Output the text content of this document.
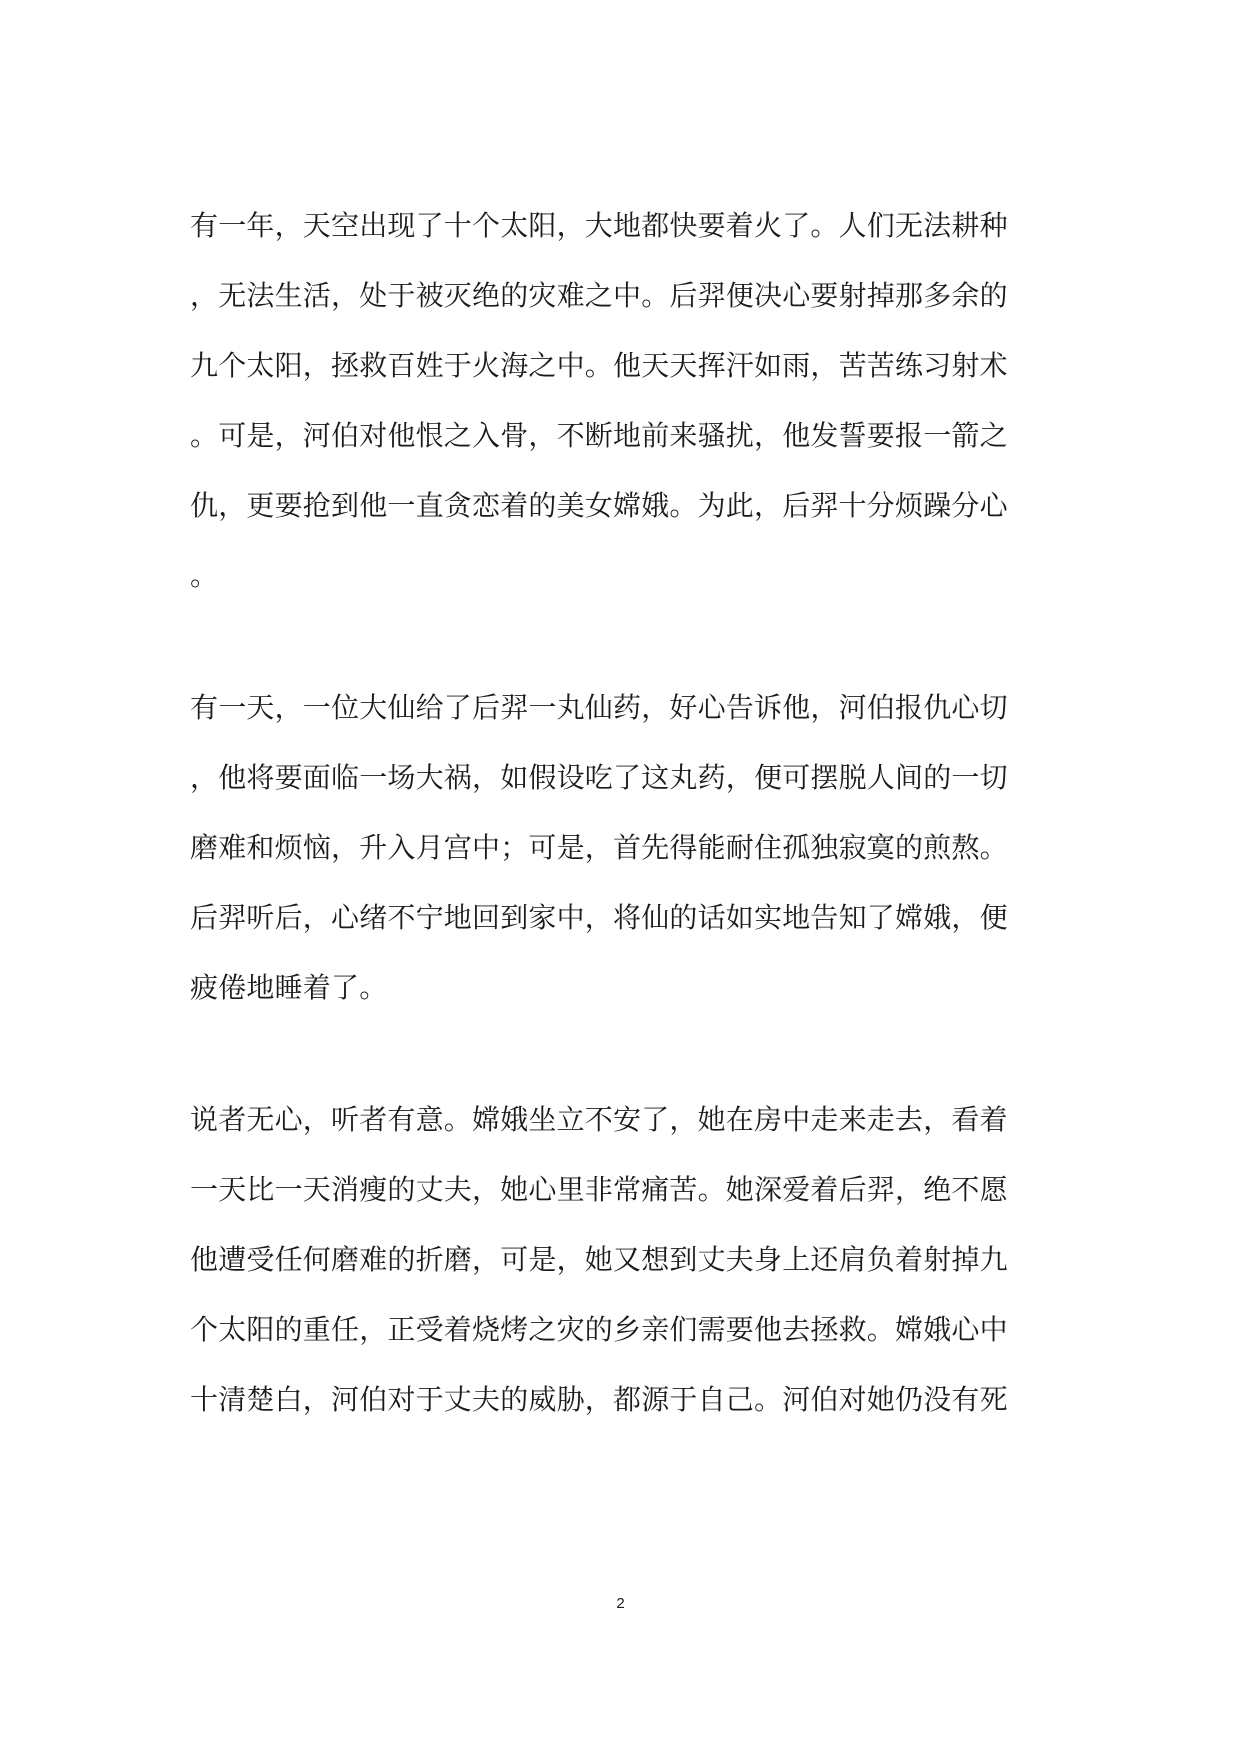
有一年，天空出现了十个太阳，大地都快要着火了。人们无法耕种
，无法生活，处于被灭绝的灾难之中。后羿便决心要射掉那多余的
九个太阳，拯救百姓于火海之中。他天天挥汗如雨，苦苦练习射术
。可是，河伯对他恨之入骨，不断地前来骚扰，他发誓要报一箭之
仇，更要抢到他一直贪恋着的美女嫦娥。为此，后羿十分烦躁分心
。
有一天，一位大仙给了后羿一丸仙药，好心告诉他，河伯报仇心切
，他将要面临一场大祸，如假设吃了这丸药，便可摆脱人间的一切
磨难和烦恼，升入月宫中；可是，首先得能耐住孤独寂寞的煎熬。
后羿听后，心绪不宁地回到家中，将仙的话如实地告知了嫦娥，便
疲倦地睡着了。
说者无心，听者有意。嫦娥坐立不安了，她在房中走来走去，看着
一天比一天消瘦的丈夫，她心里非常痛苦。她深爱着后羿，绝不愿
他遭受任何磨难的折磨，可是，她又想到丈夫身上还肩负着射掉九
个太阳的重任，正受着烧烤之灾的乡亲们需要他去拯救。嫦娥心中
十清楚白，河伯对于丈夫的威胁，都源于自己。河伯对她仍没有死
2
